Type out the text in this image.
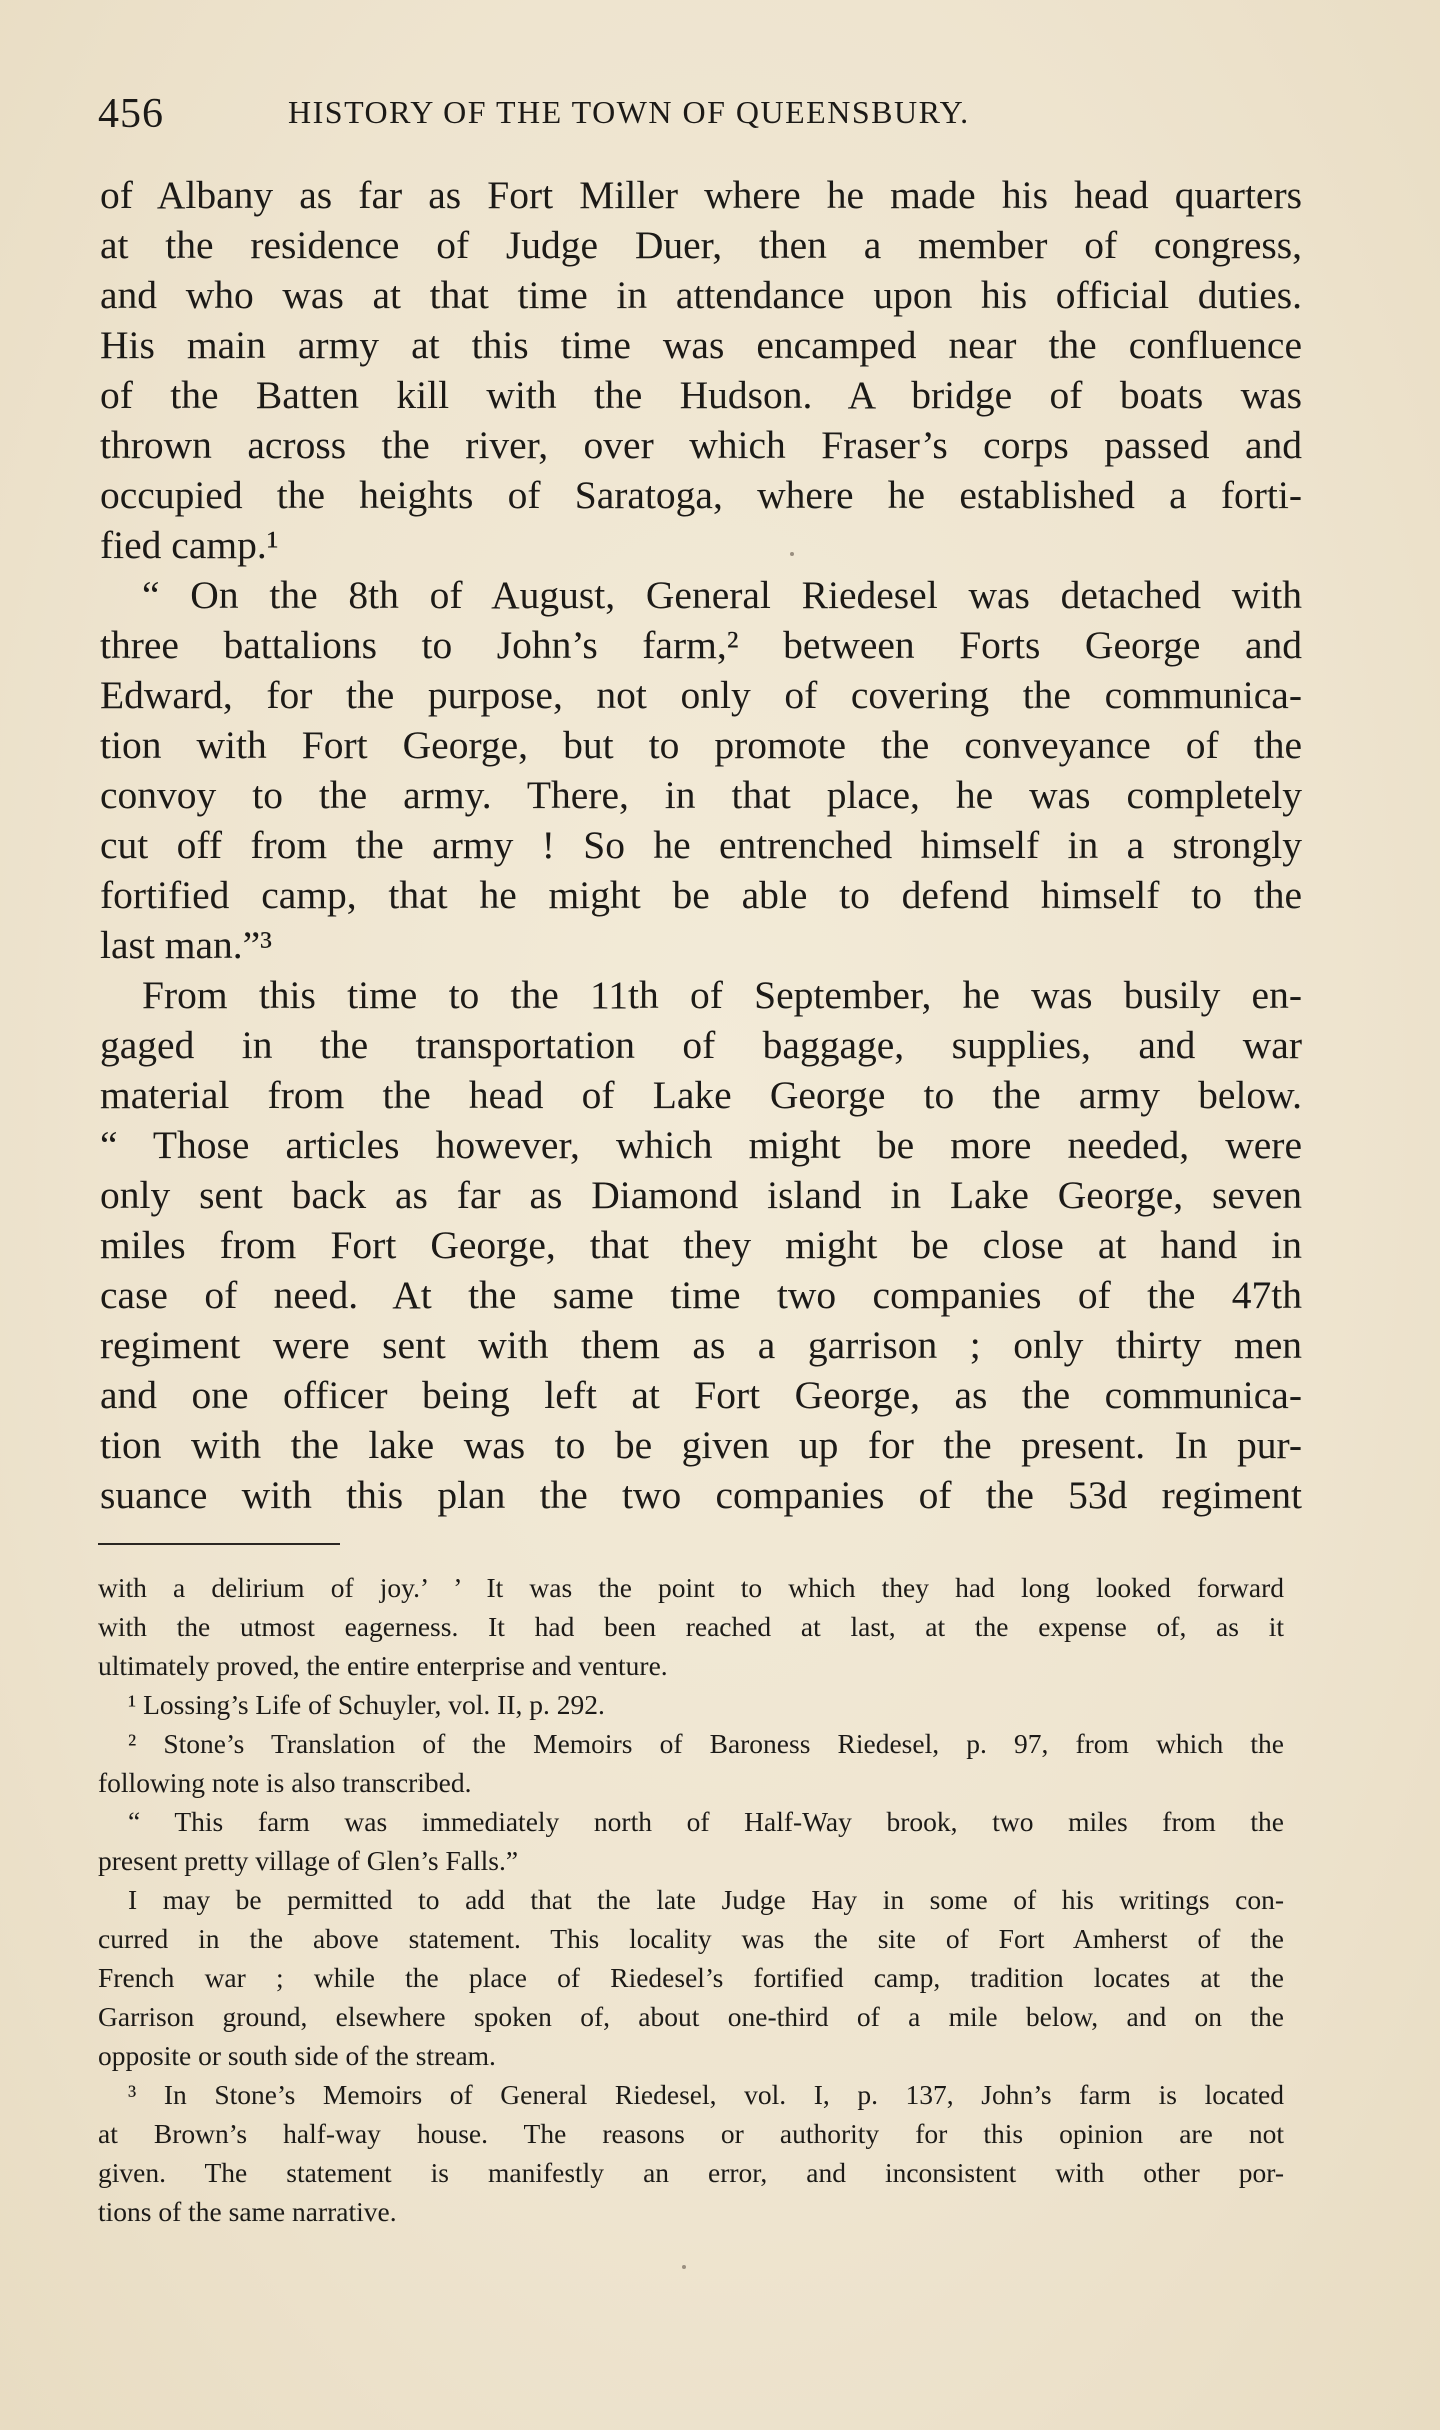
456	HISTORY OF THE TOWN OF QUEENSBURY.
of Albany as far as Fort Miller where he made his head quarters
at the residence of Judge Duer, then a member of congress,
and who was at that time in attendance upon his official duties.
His main army at this time was encamped near the confluence
of the Batten kill with the Hudson. A bridge of boats was
thrown across the river, over which Fraser’s corps passed and
occupied the heights of Saratoga, where he established a forti-
fied camp.¹
“ On the 8th of August, General Riedesel was detached with
three battalions to John’s farm,² between Forts George and
Edward, for the purpose, not only of covering the communica-
tion with Fort George, but to promote the conveyance of the
convoy to the army. There, in that place, he was completely
cut off from the army ! So he entrenched himself in a strongly
fortified camp, that he might be able to defend himself to the
last man.”³
From this time to the 11th of September, he was busily en-
gaged in the transportation of baggage, supplies, and war
material from the head of Lake George to the army below.
“ Those articles however, which might be more needed, were
only sent back as far as Diamond island in Lake George, seven
miles from Fort George, that they might be close at hand in
case of need. At the same time two companies of the 47th
regiment were sent with them as a garrison ; only thirty men
and one officer being left at Fort George, as the communica-
tion with the lake was to be given up for the present. In pur-
suance with this plan the two companies of the 53d regiment
with a delirium of joy.’ ’ It was the point to which they had long looked forward
with the utmost eagerness. It had been reached at last, at the expense of, as it
ultimately proved, the entire enterprise and venture.
¹ Lossing’s Life of Schuyler, vol. II, p. 292.
² Stone’s Translation of the Memoirs of Baroness Riedesel, p. 97, from which the
following note is also transcribed.
“ This farm was immediately north of Half-Way brook, two miles from the
present pretty village of Glen’s Falls.”
I may be permitted to add that the late Judge Hay in some of his writings con-
curred in the above statement. This locality was the site of Fort Amherst of the
French war ; while the place of Riedesel’s fortified camp, tradition locates at the
Garrison ground, elsewhere spoken of, about one-third of a mile below, and on the
opposite or south side of the stream.
³ In Stone’s Memoirs of General Riedesel, vol. I, p. 137, John’s farm is located
at Brown’s half-way house. The reasons or authority for this opinion are not
given. The statement is manifestly an error, and inconsistent with other por-
tions of the same narrative.
